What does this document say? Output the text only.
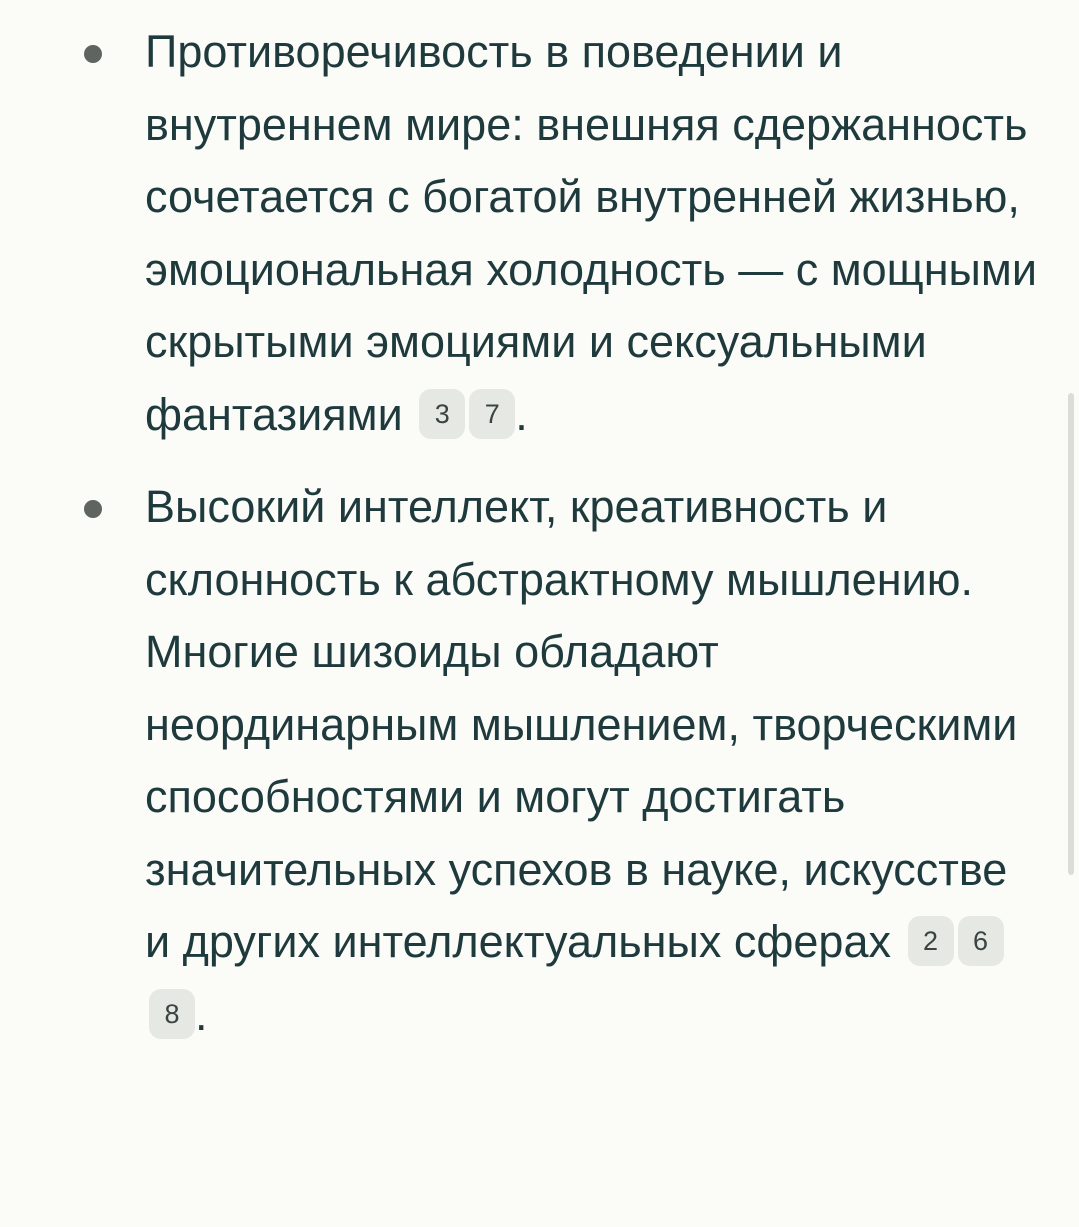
Противоречивость в поведении и внутреннем мире: внешняя сдержанность сочетается с богатой внутренней жизнью, эмоциональная холодность — с мощными скрытыми эмоциями и сексуальными фантазиями 3 7 .
Высокий интеллект, креативность и склонность к абстрактному мышлению. Многие шизоиды обладают неординарным мышлением, творческими способностями и могут достигать значительных успехов в науке, искусстве и других интеллектуальных сферах 2 68 .
